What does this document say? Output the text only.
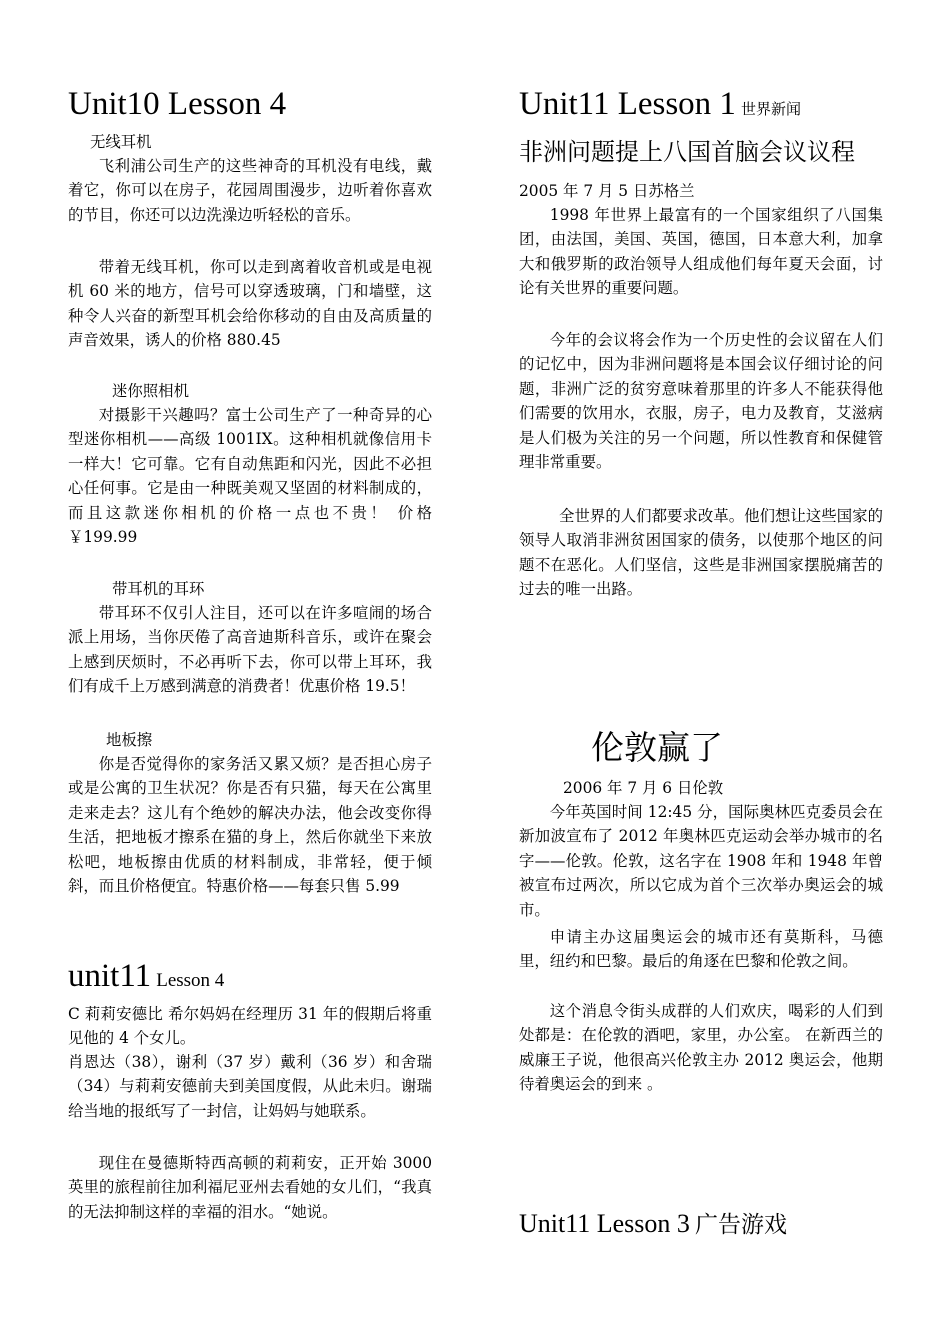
Unit10 Lesson 4
无线耳机
飞利浦公司生产的这些神奇的耳机没有电线，戴着它，你可以在房子，花园周围漫步，边听着你喜欢的节目，你还可以边洗澡边听轻松的音乐。
带着无线耳机，你可以走到离着收音机或是电视机 60 米的地方，信号可以穿透玻璃，门和墙壁，这种令人兴奋的新型耳机会给你移动的自由及高质量的声音效果，诱人的价格 880.45
迷你照相机
对摄影干兴趣吗？富士公司生产了一种奇异的心型迷你相机——高级 1001IX。这种相机就像信用卡一样大！它可靠。它有自动焦距和闪光，因此不必担心任何事。它是由一种既美观又坚固的材料制成的，而且这款迷你相机的价格一点也不贵！ 价格 ￥199.99
带耳机的耳环
带耳环不仅引人注目，还可以在许多喧闹的场合派上用场，当你厌倦了高音迪斯科音乐，或许在聚会上感到厌烦时，不必再听下去，你可以带上耳环，我们有成千上万感到满意的消费者！优惠价格 19.5！
地板擦
你是否觉得你的家务活又累又烦？是否担心房子或是公寓的卫生状况？你是否有只猫，每天在公寓里走来走去？这儿有个绝妙的解决办法，他会改变你得生活，把地板才擦系在猫的身上，然后你就坐下来放松吧，地板擦由优质的材料制成，非常轻，便于倾斜，而且价格便宜。特惠价格——每套只售 5.99
unit11 Lesson 4
C 莉莉安德比 希尔妈妈在经理历 31 年的假期后将重见他的 4 个女儿。
肖恩达（38），谢利（37 岁）戴利（36 岁）和舍瑞（34）与莉莉安德前夫到美国度假，从此未归。谢瑞给当地的报纸写了一封信，让妈妈与她联系。
现住在曼德斯特西高顿的莉莉安，正开始 3000 英里的旅程前往加利福尼亚州去看她的女儿们，“我真的无法抑制这样的幸福的泪水。“她说。
Unit11 Lesson 1 世界新闻
非洲问题提上八国首脑会议议程
2005 年 7 月 5 日苏格兰
1998 年世界上最富有的一个国家组织了八国集团，由法国，美国、英国，德国，日本意大利，加拿大和俄罗斯的政治领导人组成他们每年夏天会面，讨论有关世界的重要问题。
今年的会议将会作为一个历史性的会议留在人们的记忆中，因为非洲问题将是本国会议仔细讨论的问题，非洲广泛的贫穷意味着那里的许多人不能获得他们需要的饮用水，衣服，房子，电力及教育，艾滋病是人们极为关注的另一个问题，所以性教育和保健管理非常重要。
全世界的人们都要求改革。他们想让这些国家的领导人取消非洲贫困国家的债务，以使那个地区的问题不在恶化。人们坚信，这些是非洲国家摆脱痛苦的过去的唯一出路。
伦敦赢了
2006 年 7 月 6 日伦敦
今年英国时间 12:45 分，国际奥林匹克委员会在新加波宣布了 2012 年奥林匹克运动会举办城市的名字——伦敦。伦敦，这名字在 1908 年和 1948 年曾被宣布过两次，所以它成为首个三次举办奥运会的城市。
申请主办这届奥运会的城市还有莫斯科，马德里，纽约和巴黎。最后的角逐在巴黎和伦敦之间。
这个消息令街头成群的人们欢庆，喝彩的人们到处都是：在伦敦的酒吧，家里，办公室。 在新西兰的威廉王子说，他很高兴伦敦主办 2012 奥运会，他期待着奥运会的到来 。
Unit11 Lesson 3 广告游戏
